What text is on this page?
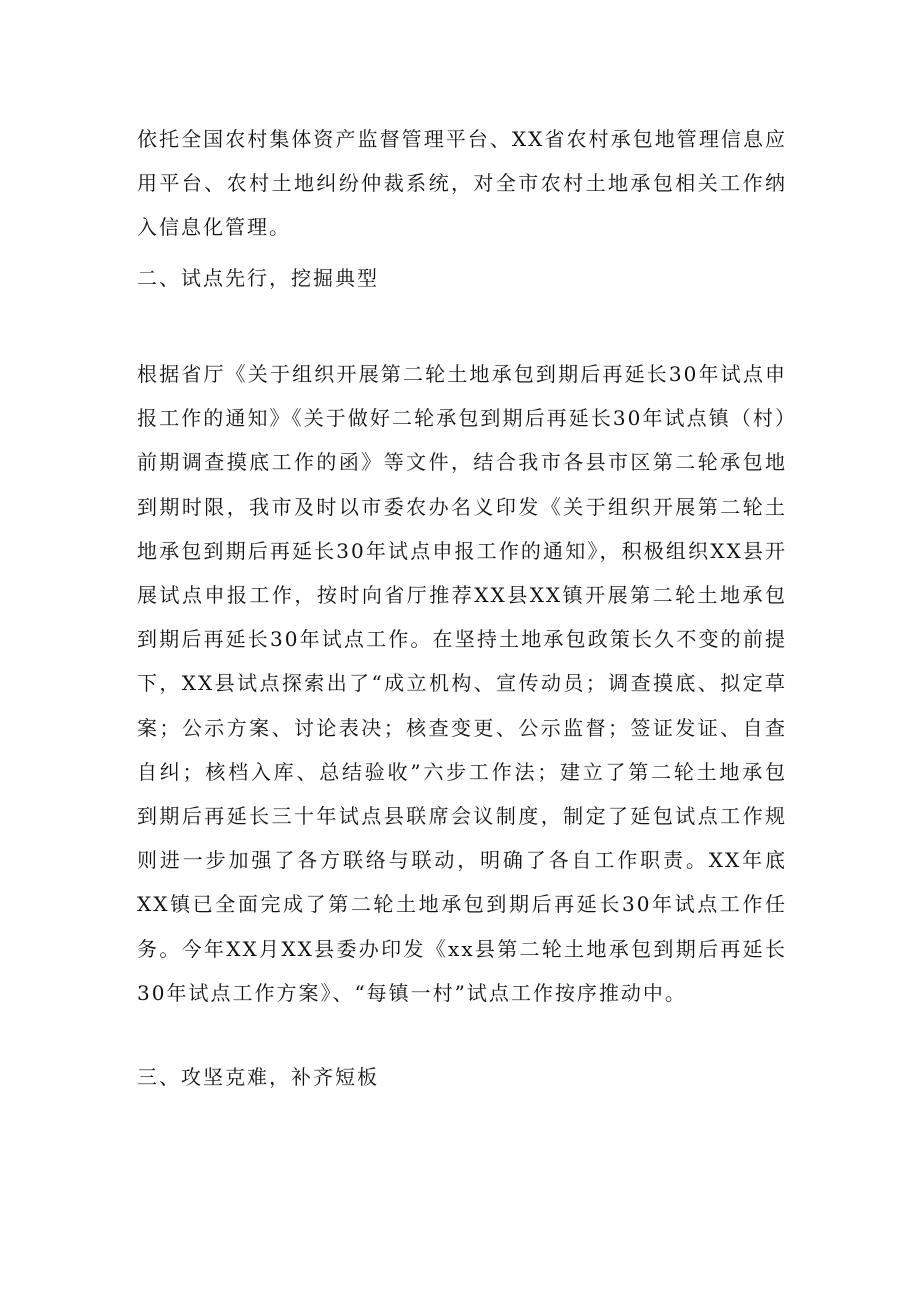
依托全国农村集体资产监督管理平台、XX省农村承包地管理信息应用平台、农村土地纠纷仲裁系统，对全市农村土地承包相关工作纳入信息化管理。

二、试点先行，挖掘典型

根据省厅《关于组织开展第二轮土地承包到期后再延长30年试点申报工作的通知》《关于做好二轮承包到期后再延长30年试点镇（村）前期调查摸底工作的函》等文件，结合我市各县市区第二轮承包地到期时限，我市及时以市委农办名义印发《关于组织开展第二轮土地承包到期后再延长30年试点申报工作的通知》，积极组织XX县开展试点申报工作，按时向省厅推荐XX县XX镇开展第二轮土地承包到期后再延长30年试点工作。在坚持土地承包政策长久不变的前提下，XX县试点探索出了“成立机构、宣传动员；调查摸底、拟定草案；公示方案、讨论表决；核查变更、公示监督；签证发证、自查自纠；核档入库、总结验收”六步工作法；建立了第二轮土地承包到期后再延长三十年试点县联席会议制度，制定了延包试点工作规则进一步加强了各方联络与联动，明确了各自工作职责。XX年底XX镇已全面完成了第二轮土地承包到期后再延长30年试点工作任务。今年XX月XX县委办印发《xx县第二轮土地承包到期后再延长30年试点工作方案》、“每镇一村”试点工作按序推动中。

三、攻坚克难，补齐短板
